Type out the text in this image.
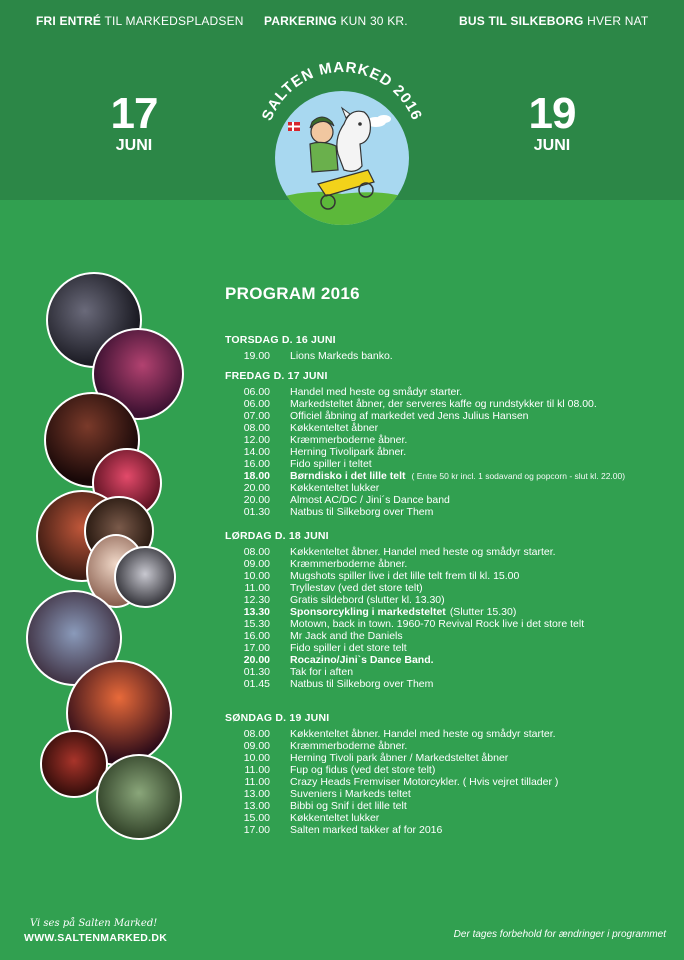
FRI ENTRÉ TIL MARKEDSPLADSEN PARKERING KUN 30 KR.	BUS TIL SILKEBORG HVER NAT
17
JUNI
19
JUNI
SALTEN MARKED 2016
PROGRAM 2016
TORSDAG D. 16 JUNI
19.00 Lions Markeds banko.
FREDAG D. 17 JUNI
06.00 Handel med heste og smådyr starter.
06.00 Markedsteltet åbner, der serveres kaffe og rundstykker til kl 08.00.
07.00 Officiel åbning af markedet ved Jens Julius Hansen
08.00 Køkkenteltet åbner
12.00 Kræmmerboderne åbner.
14.00 Herning Tivolipark åbner.
16.00 Fido spiller i teltet
18.00 Børndisko i det lille telt ( Entre 50 kr incl. 1 sodavand og popcorn - slut kl. 22.00)
20.00 Køkkenteltet lukker
20.00 Almost AC/DC / Jini´s Dance band
01.30 Natbus til Silkeborg over Them
LØRDAG D. 18 JUNI
08.00 Køkkenteltet åbner. Handel med heste og smådyr starter.
09.00 Kræmmerboderne åbner.
10.00 Mugshots spiller live i det lille telt frem til kl. 15.00
11.00 Tryllestøv (ved det store telt)
12.30 Gratis sildebord (slutter kl. 13.30)
13.30 Sponsorcykling i markedsteltet (Slutter 15.30)
15.30 Motown, back in town. 1960-70 Revival Rock live i det store telt
16.00 Mr Jack and the Daniels
17.00 Fido spiller i det store telt
20.00 Rocazino/Jini`s Dance Band.
01.30 Tak for i aften
01.45 Natbus til Silkeborg over Them
SØNDAG D. 19 JUNI
08.00 Køkkenteltet åbner. Handel med heste og smådyr starter.
09.00 Kræmmerboderne åbner.
10.00 Herning Tivoli park åbner / Markedsteltet åbner
11.00 Fup og fidus (ved det store telt)
11.00 Crazy Heads Fremviser Motorcykler. ( Hvis vejret tillader )
13.00 Suveniers i Markeds teltet
13.00 Bibbi og Snif i det lille telt
15.00 Køkkenteltet lukker
17.00 Salten marked takker af for 2016
Vi ses på Salten Marked!
WWW.SALTENMARKED.DK	Der tages forbehold for ændringer i programmet
